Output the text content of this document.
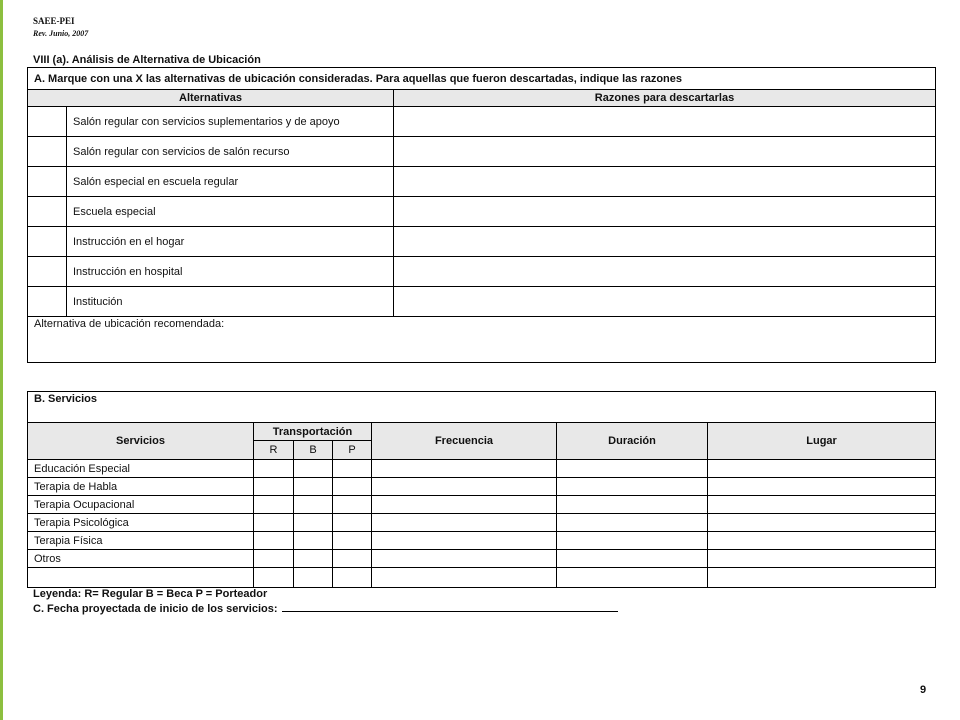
SAEE-PEI
Rev. Junio, 2007
VIII (a). Análisis de Alternativa de Ubicación
A. Marque con una X las alternativas de ubicación consideradas. Para aquellas que fueron descartadas, indique las razones		
Alternativas		Razones para descartarlas
	Salón regular con servicios suplementarios y de apoyo	
	Salón regular con servicios de salón recurso	
	Salón especial en escuela regular	
	Escuela especial	
	Instrucción en el hogar	
	Instrucción en hospital	
	Institución	
Alternativa de ubicación recomendada:		
B. Servicios						
Servicios	Transportación			Frecuencia	Duración	Lugar
	R	B	P			
Educación Especial						
Terapia de Habla						
Terapia Ocupacional						
Terapia Psicológica						
Terapia Física						
Otros						

Leyenda: R= Regular B = Beca P = Porteador
C. Fecha proyectada de inicio de los servicios:
9
